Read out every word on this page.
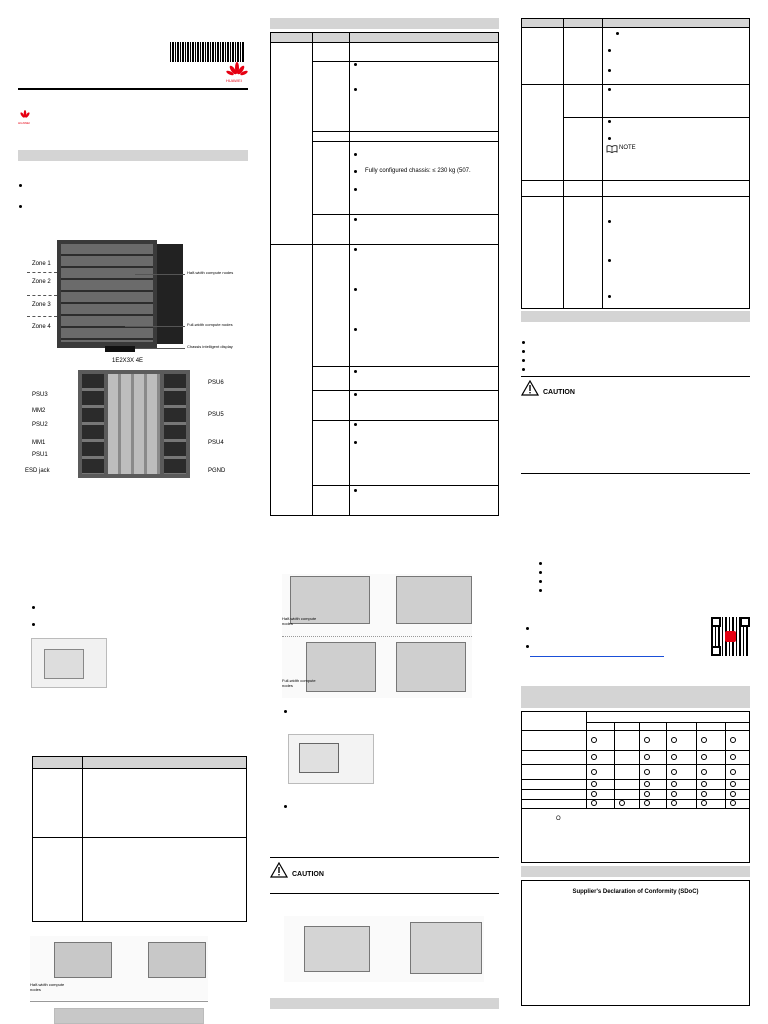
HUAWEI
HUAWEI
Zone 1
Zone 2
Zone 3
Zone 4
Half-width compute nodes
Full-width compute nodes
Chassis intelligent display
1E2X3X 4E
PSU3
MM2
PSU2
MM1
PSU1
ESD jack
PSU6
PSU5
PSU4
PGND
Half-width compute nodes
Fully configured chassis: ≤ 230 kg (507.
Half-width compute nodes
Full-width compute nodes
CAUTION
NOTE
CAUTION
O
Supplier's Declaration of Conformity (SDoC)
